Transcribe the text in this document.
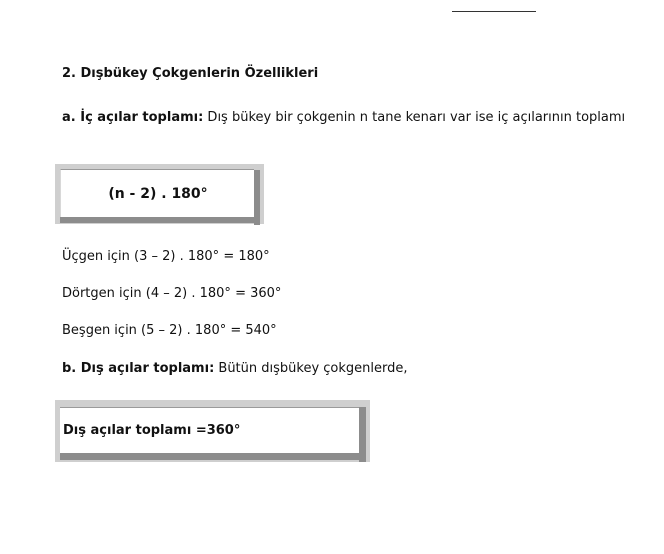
2. Dışbükey Çokgenlerin Özellikleri
a. İç açılar toplamı: Dış bükey bir çokgenin n tane kenarı var ise iç açılarının toplamı
(n - 2) . 180°
Üçgen için (3 – 2) . 180° = 180°
Dörtgen için (4 – 2) . 180° = 360°
Beşgen için (5 – 2) . 180° = 540°
b. Dış açılar toplamı: Bütün dışbükey çokgenlerde,
Dış açılar toplamı =360°
